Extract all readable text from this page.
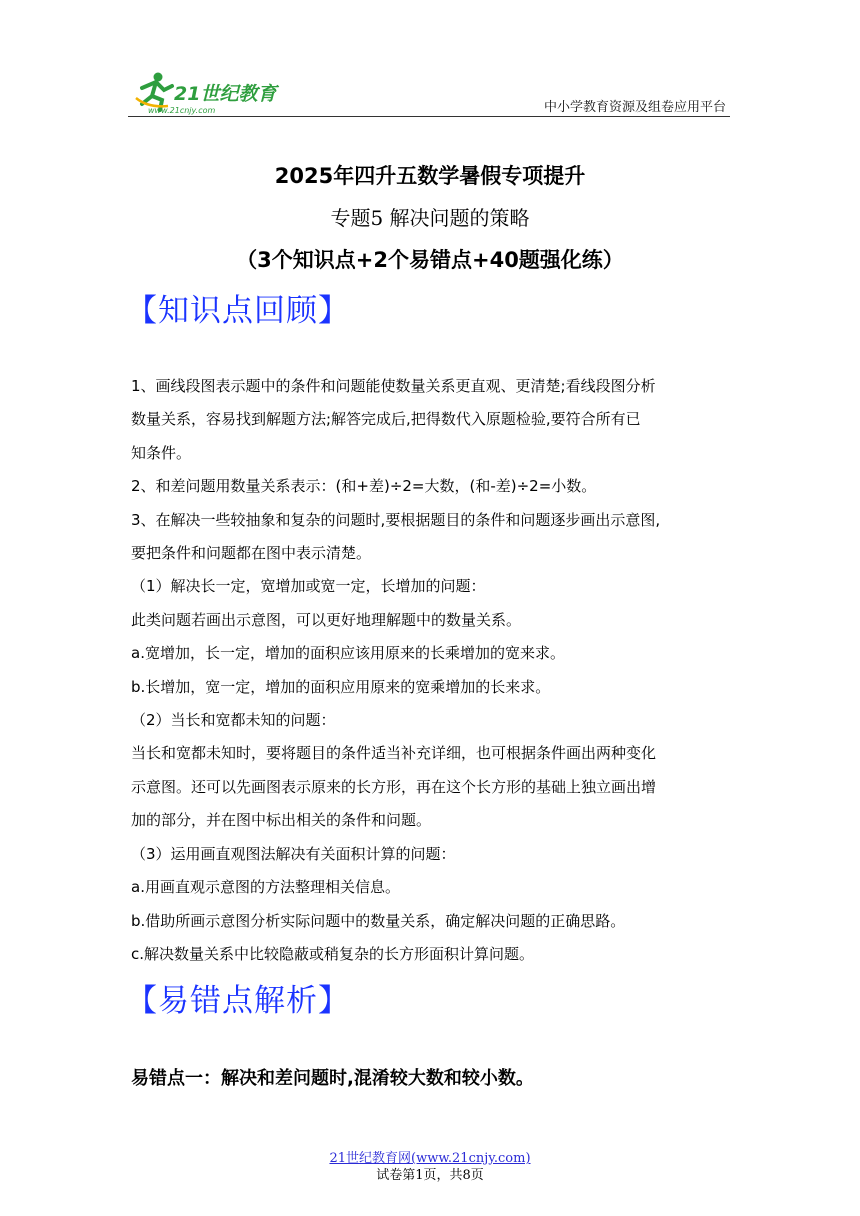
21世纪教育
www.21cnjy.com	中小学教育资源及组卷应用平台
2025年四升五数学暑假专项提升
专题5 解决问题的策略
（3个知识点+2个易错点+40题强化练）
【知识点回顾】

1、画线段图表示题中的条件和问题能使数量关系更直观、更清楚;看线段图分析

数量关系，容易找到解题方法;解答完成后,把得数代入原题检验,要符合所有已

知条件。

2、和差问题用数量关系表示：(和+差)÷2=大数，(和-差)÷2=小数。

3、在解决一些较抽象和复杂的问题时,要根据题目的条件和问题逐步画出示意图,

要把条件和问题都在图中表示清楚。

（1）解决长一定，宽增加或宽一定，长增加的问题：

此类问题若画出示意图，可以更好地理解题中的数量关系。

a.宽增加，长一定，增加的面积应该用原来的长乘增加的宽来求。

b.长增加，宽一定，增加的面积应用原来的宽乘增加的长来求。

（2）当长和宽都未知的问题：

当长和宽都未知时，要将题目的条件适当补充详细，也可根据条件画出两种变化

示意图。还可以先画图表示原来的长方形，再在这个长方形的基础上独立画出增

加的部分，并在图中标出相关的条件和问题。

（3）运用画直观图法解决有关面积计算的问题：

a.用画直观示意图的方法整理相关信息。

b.借助所画示意图分析实际问题中的数量关系，确定解决问题的正确思路。

c.解决数量关系中比较隐蔽或稍复杂的长方形面积计算问题。

【易错点解析】
易错点一：解决和差问题时,混淆较大数和较小数。
21世纪教育网(www.21cnjy.com)
试卷第1页，共8页
